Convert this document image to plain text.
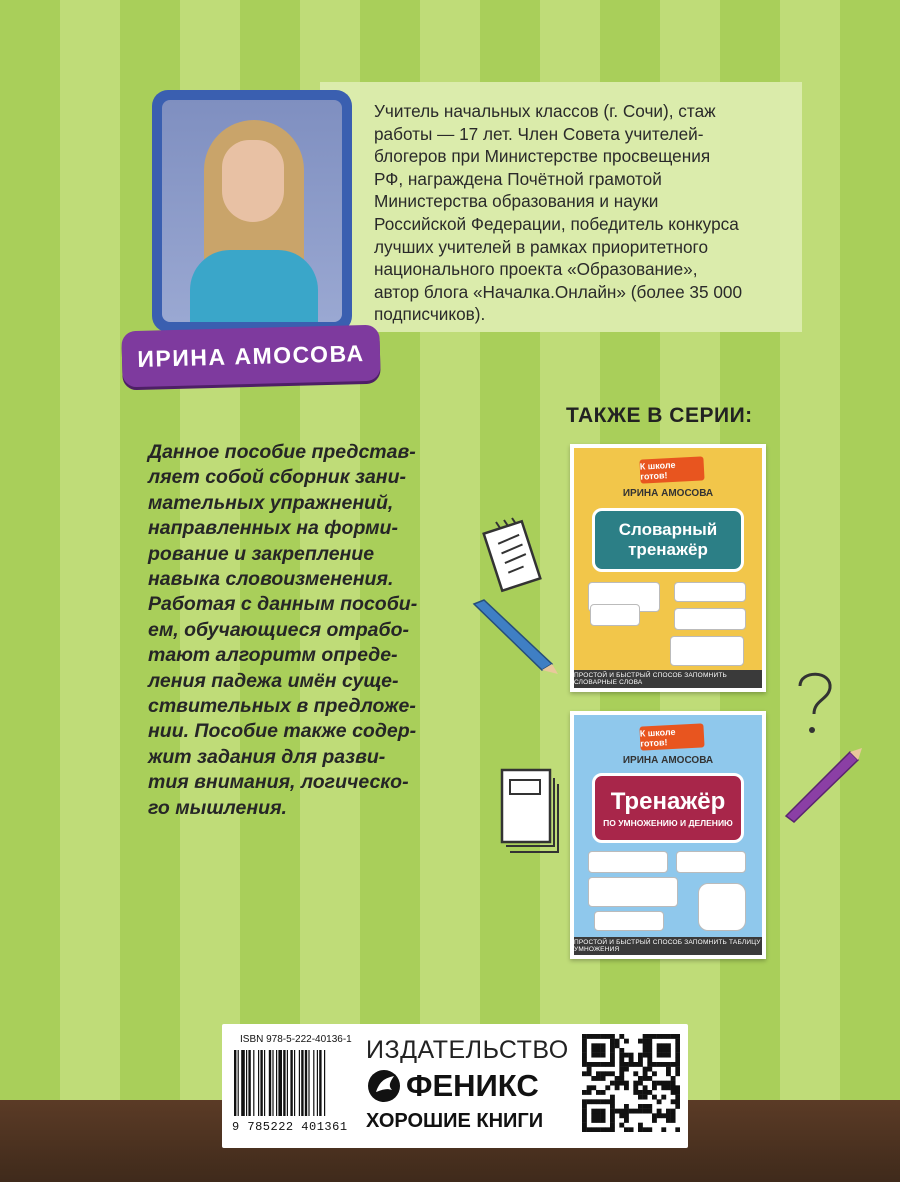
ИРИНА АМОСОВА
Учитель начальных классов (г. Сочи), стаж
работы — 17 лет. Член Совета учителей-
блогеров при Министерстве просвещения
РФ, награждена Почётной грамотой
Министерства образования и науки
Российской Федерации, победитель конкурса
лучших учителей в рамках приоритетного
национального проекта «Образование»,
автор блога «Началка.Онлайн» (более 35 000
подписчиков).
Данное пособие представ-
ляет собой сборник зани-
мательных упражнений,
направленных на форми-
рование и закрепление
навыка словоизменения.
Работая с данным пособи-
ем, обучающиеся отрабо-
тают алгоритм опреде-
ления падежа имён суще-
ствительных в предложе-
нии. Пособие также содер-
жит задания для разви-
тия внимания, логическо-
го мышления.
ТАКЖЕ В СЕРИИ:
К школе готов!
ИРИНА АМОСОВА
Словарный
тренажёр
ПРОСТОЙ И БЫСТРЫЙ СПОСОБ ЗАПОМНИТЬ СЛОВАРНЫЕ СЛОВА
К школе готов!
ИРИНА АМОСОВА
Тренажёр
ПО УМНОЖЕНИЮ И ДЕЛЕНИЮ
ПРОСТОЙ И БЫСТРЫЙ СПОСОБ ЗАПОМНИТЬ ТАБЛИЦУ УМНОЖЕНИЯ
ISBN 978-5-222-40136-1
9 785222 401361
ИЗДАТЕЛЬСТВО
ФЕНИКС
ХОРОШИЕ КНИГИ
